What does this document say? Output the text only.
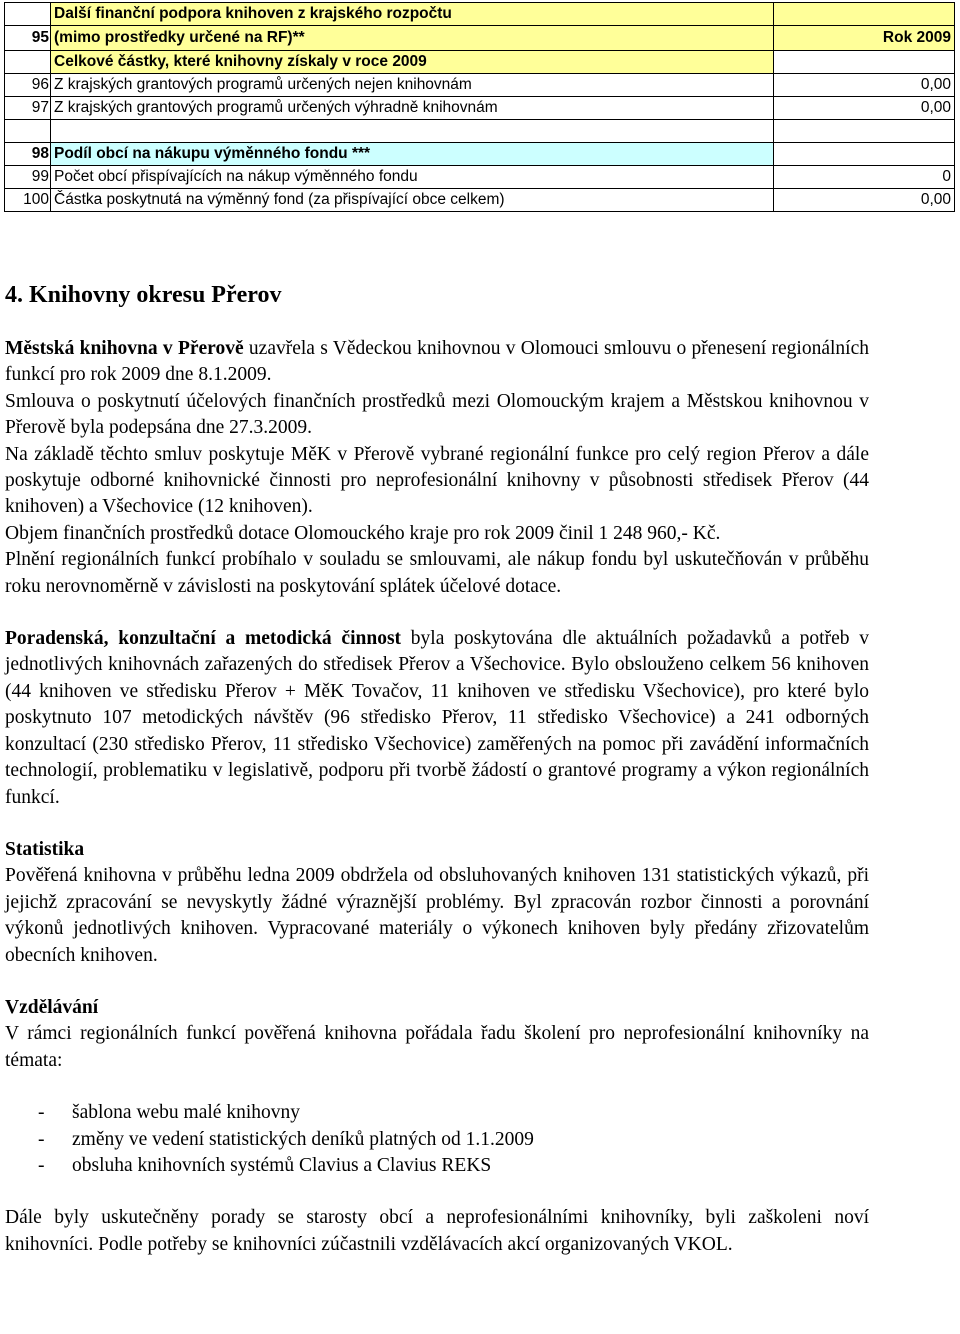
	Další finanční podpora knihoven z krajského rozpočtu	
95	(mimo prostředky určené na RF)**	Rok 2009
	Celkové částky, které knihovny získaly v roce 2009	
96	Z krajských grantových programů určených nejen knihovnám	0,00
97	Z krajských grantových programů určených výhradně knihovnám	0,00

98	Podíl obcí na nákupu výměnného fondu ***	
99	Počet obcí přispívajících na nákup výměnného fondu	0
100	Částka poskytnutá na výměnný fond (za přispívající obce celkem)	0,00
4. Knihovny okresu Přerov

Městská knihovna v Přerově uzavřela s Vědeckou knihovnou v Olomouci smlouvu o přenesení regionálních funkcí pro rok 2009 dne 8.1.2009.

Smlouva o poskytnutí účelových finančních prostředků mezi Olomouckým krajem a Městskou knihovnou v Přerově byla podepsána dne 27.3.2009.

Na základě těchto smluv poskytuje MěK v Přerově vybrané regionální funkce pro celý region Přerov a dále poskytuje odborné knihovnické činnosti pro neprofesionální knihovny v působnosti středisek Přerov (44 knihoven) a Všechovice (12 knihoven).

Objem finančních prostředků dotace Olomouckého kraje pro rok 2009 činil 1 248 960,- Kč.

Plnění regionálních funkcí probíhalo v souladu se smlouvami, ale nákup fondu byl uskutečňován v průběhu roku nerovnoměrně v závislosti na poskytování splátek účelové dotace.

Poradenská, konzultační a metodická činnost byla poskytována dle aktuálních požadavků a potřeb v jednotlivých knihovnách zařazených do středisek Přerov a Všechovice. Bylo obslouženo celkem 56 knihoven (44 knihoven ve středisku Přerov + MěK Tovačov, 11 knihoven ve středisku Všechovice), pro které bylo poskytnuto 107 metodických návštěv (96 středisko Přerov, 11 středisko Všechovice) a 241 odborných konzultací (230 středisko Přerov, 11 středisko Všechovice) zaměřených na pomoc při zavádění informačních technologií, problematiku v legislativě, podporu při tvorbě žádostí o grantové programy a výkon regionálních funkcí.

Statistika

Pověřená knihovna v průběhu ledna 2009 obdržela od obsluhovaných knihoven 131 statistických výkazů, při jejichž zpracování se nevyskytly žádné výraznější problémy. Byl zpracován rozbor činnosti a porovnání výkonů jednotlivých knihoven. Vypracované materiály o výkonech knihoven byly předány zřizovatelům obecních knihoven.

Vzdělávání

V rámci regionálních funkcí pověřená knihovna pořádala řadu školení pro neprofesionální knihovníky na témata:

- šablona webu malé knihovny
- změny ve vedení statistických deníků platných od 1.1.2009
- obsluha knihovních systémů Clavius a Clavius REKS

Dále byly uskutečněny porady se starosty obcí a neprofesionálními knihovníky, byli zaškoleni noví knihovníci. Podle potřeby se knihovníci zúčastnili vzdělávacích akcí organizovaných VKOL.
